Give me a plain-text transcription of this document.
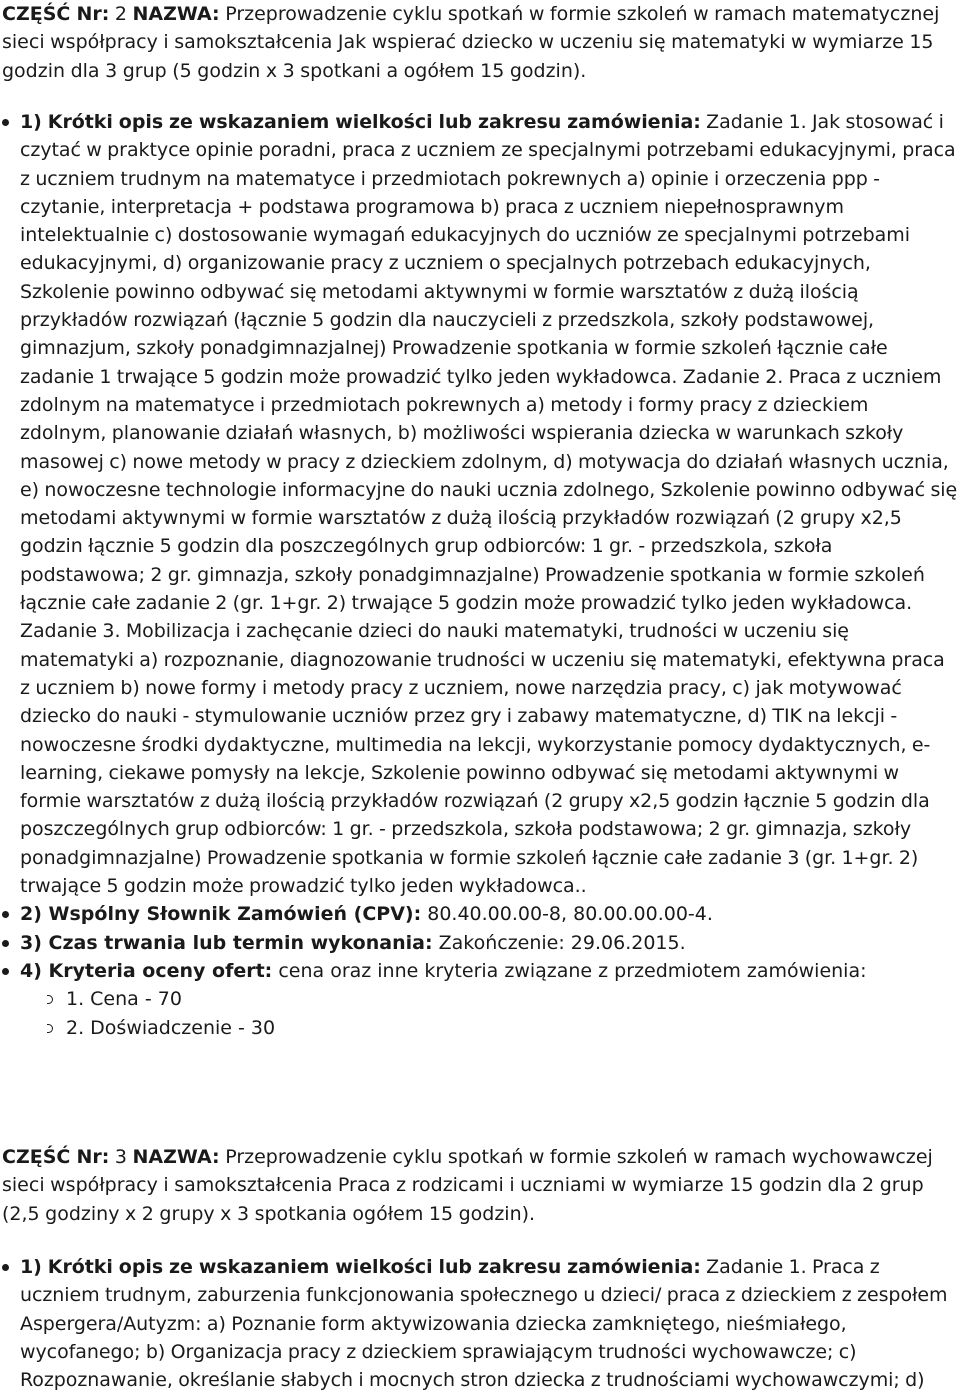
CZĘŚĆ Nr: 2 NAZWA: Przeprowadzenie cyklu spotkań w formie szkoleń w ramach matematycznej sieci współpracy i samokształcenia Jak wspierać dziecko w uczeniu się matematyki w wymiarze 15 godzin dla 3 grup (5 godzin x 3 spotkani a ogółem 15 godzin).

1) Krótki opis ze wskazaniem wielkości lub zakresu zamówienia: Zadanie 1. Jak stosować i czytać w praktyce opinie poradni, praca z uczniem ze specjalnymi potrzebami edukacyjnymi, praca z uczniem trudnym na matematyce i przedmiotach pokrewnych a) opinie i orzeczenia ppp - czytanie, interpretacja + podstawa programowa b) praca z uczniem niepełnosprawnym intelektualnie c) dostosowanie wymagań edukacyjnych do uczniów ze specjalnymi potrzebami edukacyjnymi, d) organizowanie pracy z uczniem o specjalnych potrzebach edukacyjnych, Szkolenie powinno odbywać się metodami aktywnymi w formie warsztatów z dużą ilością przykładów rozwiązań (łącznie 5 godzin dla nauczycieli z przedszkola, szkoły podstawowej, gimnazjum, szkoły ponadgimnazjalnej) Prowadzenie spotkania w formie szkoleń łącznie całe zadanie 1 trwające 5 godzin może prowadzić tylko jeden wykładowca. Zadanie 2. Praca z uczniem zdolnym na matematyce i przedmiotach pokrewnych a) metody i formy pracy z dzieckiem zdolnym, planowanie działań własnych, b) możliwości wspierania dziecka w warunkach szkoły masowej c) nowe metody w pracy z dzieckiem zdolnym, d) motywacja do działań własnych ucznia, e) nowoczesne technologie informacyjne do nauki ucznia zdolnego, Szkolenie powinno odbywać się metodami aktywnymi w formie warsztatów z dużą ilością przykładów rozwiązań (2 grupy x2,5 godzin łącznie 5 godzin dla poszczególnych grup odbiorców: 1 gr. - przedszkola, szkoła podstawowa; 2 gr. gimnazja, szkoły ponadgimnazjalne) Prowadzenie spotkania w formie szkoleń łącznie całe zadanie 2 (gr. 1+gr. 2) trwające 5 godzin może prowadzić tylko jeden wykładowca. Zadanie 3. Mobilizacja i zachęcanie dzieci do nauki matematyki, trudności w uczeniu się matematyki a) rozpoznanie, diagnozowanie trudności w uczeniu się matematyki, efektywna praca z uczniem b) nowe formy i metody pracy z uczniem, nowe narzędzia pracy, c) jak motywować dziecko do nauki - stymulowanie uczniów przez gry i zabawy matematyczne, d) TIK na lekcji - nowoczesne środki dydaktyczne, multimedia na lekcji, wykorzystanie pomocy dydaktycznych, e-learning, ciekawe pomysły na lekcje, Szkolenie powinno odbywać się metodami aktywnymi w formie warsztatów z dużą ilością przykładów rozwiązań (2 grupy x2,5 godzin łącznie 5 godzin dla poszczególnych grup odbiorców: 1 gr. - przedszkola, szkoła podstawowa; 2 gr. gimnazja, szkoły ponadgimnazjalne) Prowadzenie spotkania w formie szkoleń łącznie całe zadanie 3 (gr. 1+gr. 2) trwające 5 godzin może prowadzić tylko jeden wykładowca..
2) Wspólny Słownik Zamówień (CPV): 80.40.00.00-8, 80.00.00.00-4.
3) Czas trwania lub termin wykonania: Zakończenie: 29.06.2015.
4) Kryteria oceny ofert: cena oraz inne kryteria związane z przedmiotem zamówienia:
1. Cena - 70
2. Doświadczenie - 30

CZĘŚĆ Nr: 3 NAZWA: Przeprowadzenie cyklu spotkań w formie szkoleń w ramach wychowawczej sieci współpracy i samokształcenia Praca z rodzicami i uczniami w wymiarze 15 godzin dla 2 grup (2,5 godziny x 2 grupy x 3 spotkania ogółem 15 godzin).

1) Krótki opis ze wskazaniem wielkości lub zakresu zamówienia: Zadanie 1. Praca z uczniem trudnym, zaburzenia funkcjonowania społecznego u dzieci/ praca z dzieckiem z zespołem Aspergera/Autyzm: a) Poznanie form aktywizowania dziecka zamkniętego, nieśmiałego, wycofanego; b) Organizacja pracy z dzieckiem sprawiającym trudności wychowawcze; c) Rozpoznawanie, określanie słabych i mocnych stron dziecka z trudnościami wychowawczymi; d)
